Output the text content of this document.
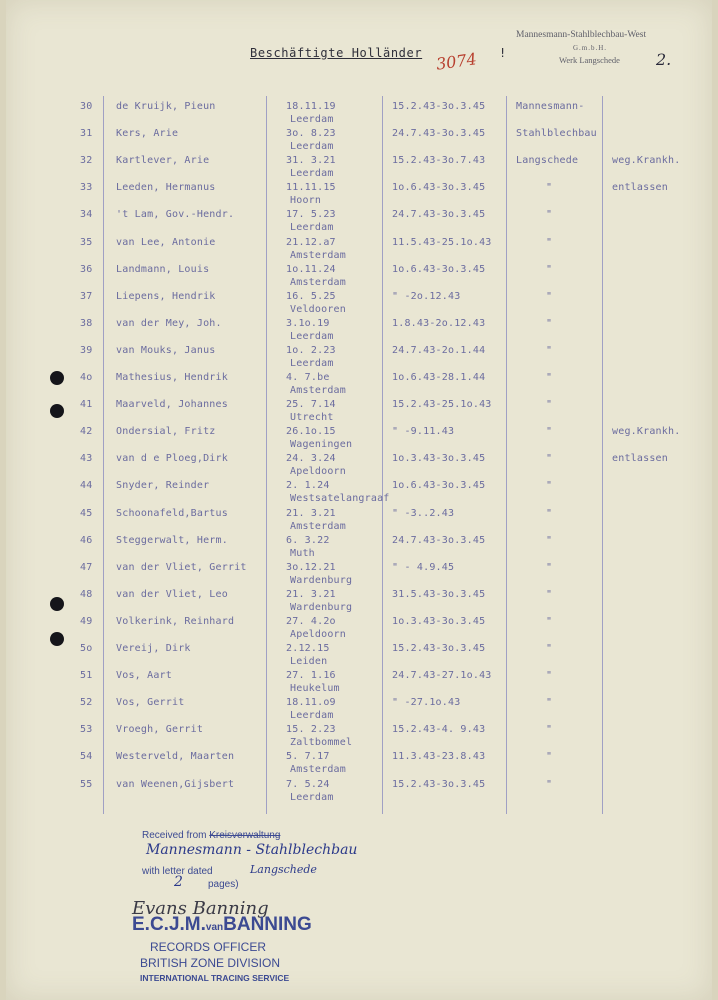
Beschäftigte Holländer	!
3074
Mannesmann-Stahlblechbau-West
G.m.b.H.
Werk Langschede 2.
30 de Kruijk, Pieun	18.11.19	15.2.43-3o.3.45	Mannesmann-
Leerdam
31 Kers, Arie	3o. 8.23	24.7.43-3o.3.45	Stahlblechbau
Leerdam
32 Kartlever, Arie	31. 3.21	15.2.43-3o.7.43	Langschede	weg.Krankh.
Leerdam
33 Leeden, Hermanus	11.11.15	1o.6.43-3o.3.45	"	entlassen
Hoorn
34 't Lam, Gov.-Hendr.	17. 5.23	24.7.43-3o.3.45	"
Leerdam
35 van Lee, Antonie	21.12.a7	11.5.43-25.1o.43	"
Amsterdam
36 Landmann, Louis	1o.11.24	1o.6.43-3o.3.45	"
Amsterdam
37 Liepens, Hendrik	16. 5.25	" -2o.12.43	"
Veldooren
38 van der Mey, Joh.	3.1o.19	1.8.43-2o.12.43	"
Leerdam
39 van Mouks, Janus	1o. 2.23	24.7.43-2o.1.44	"
Leerdam
4o Mathesius, Hendrik	4. 7.be	1o.6.43-28.1.44	"
Amsterdam
41 Maarveld, Johannes	25. 7.14	15.2.43-25.1o.43	"
Utrecht
42 Ondersial, Fritz	26.1o.15	" -9.11.43	"	weg.Krankh.
Wageningen
43 van d e Ploeg,Dirk	24. 3.24	1o.3.43-3o.3.45	"	entlassen
Apeldoorn
44 Snyder, Reinder	2. 1.24	1o.6.43-3o.3.45	"
Westsatelangraaf
45 Schoonafeld,Bartus	21. 3.21	" -3..2.43	"
Amsterdam
46 Steggerwalt, Herm.	6. 3.22	24.7.43-3o.3.45	"
Muth
47 van der Vliet, Gerrit	3o.12.21	" - 4.9.45	"
Wardenburg
48 van der Vliet, Leo	21. 3.21	31.5.43-3o.3.45	"
Wardenburg
49 Volkerink, Reinhard	27. 4.2o	1o.3.43-3o.3.45	"
Apeldoorn
5o Vereij, Dirk	2.12.15	15.2.43-3o.3.45	"
Leiden
51 Vos, Aart	27. 1.16	24.7.43-27.1o.43	"
Heukelum
52 Vos, Gerrit	18.11.o9	" -27.1o.43	"
Leerdam
53 Vroegh, Gerrit	15. 2.23	15.2.43-4. 9.43	"
Zaltbommel
54 Westerveld, Maarten	5. 7.17	11.3.43-23.8.43	"
Amsterdam
55 van Weenen,Gijsbert	7. 5.24	15.2.43-3o.3.45	"
Leerdam
Received from Kreisverwaltung
Mannesmann - Stahlblechbau
with letter dated	Langschede
2	pages)
Evans Banning
E.C.J.M.vanBANNING
RECORDS OFFICER
BRITISH ZONE DIVISION
INTERNATIONAL TRACING SERVICE
